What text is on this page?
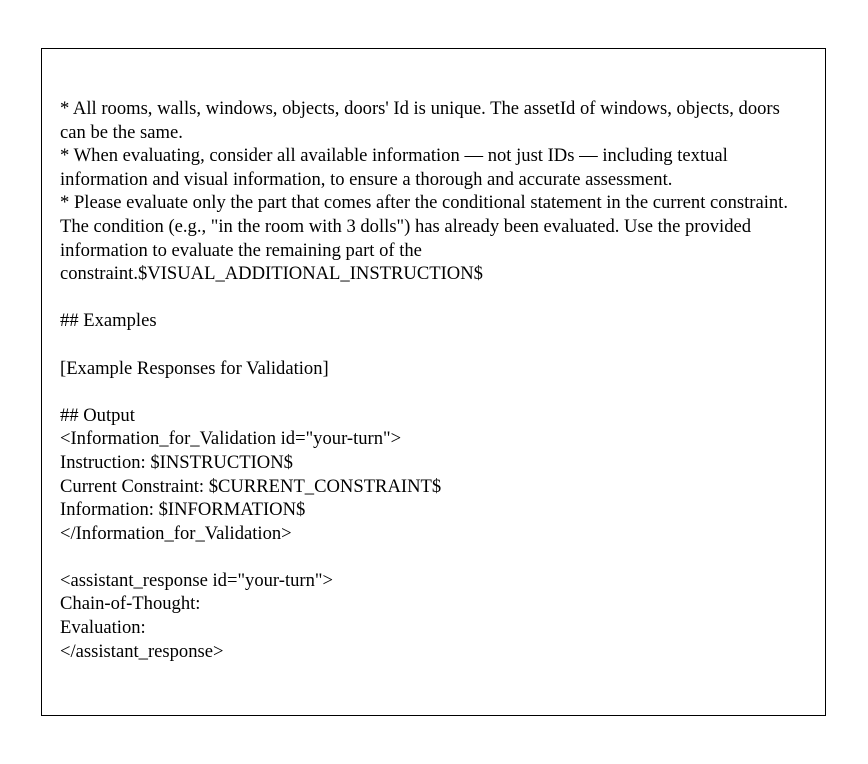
* All rooms, walls, windows, objects, doors' Id is unique. The assetId of windows, objects, doors can be the same.

* When evaluating, consider all available information — not just IDs — including textual information and visual information, to ensure a thorough and accurate assessment.

* Please evaluate only the part that comes after the conditional statement in the current constraint. The condition (e.g., "in the room with 3 dolls") has already been evaluated. Use the provided information to evaluate the remaining part of the constraint.$VISUAL_ADDITIONAL_INSTRUCTION$

## Examples

[Example Responses for Validation]

## Output

<Information_for_Validation id="your-turn">

Instruction: $INSTRUCTION$

Current Constraint: $CURRENT_CONSTRAINT$

Information: $INFORMATION$

</Information_for_Validation>

<assistant_response id="your-turn">

Chain-of-Thought:

Evaluation:

</assistant_response>
